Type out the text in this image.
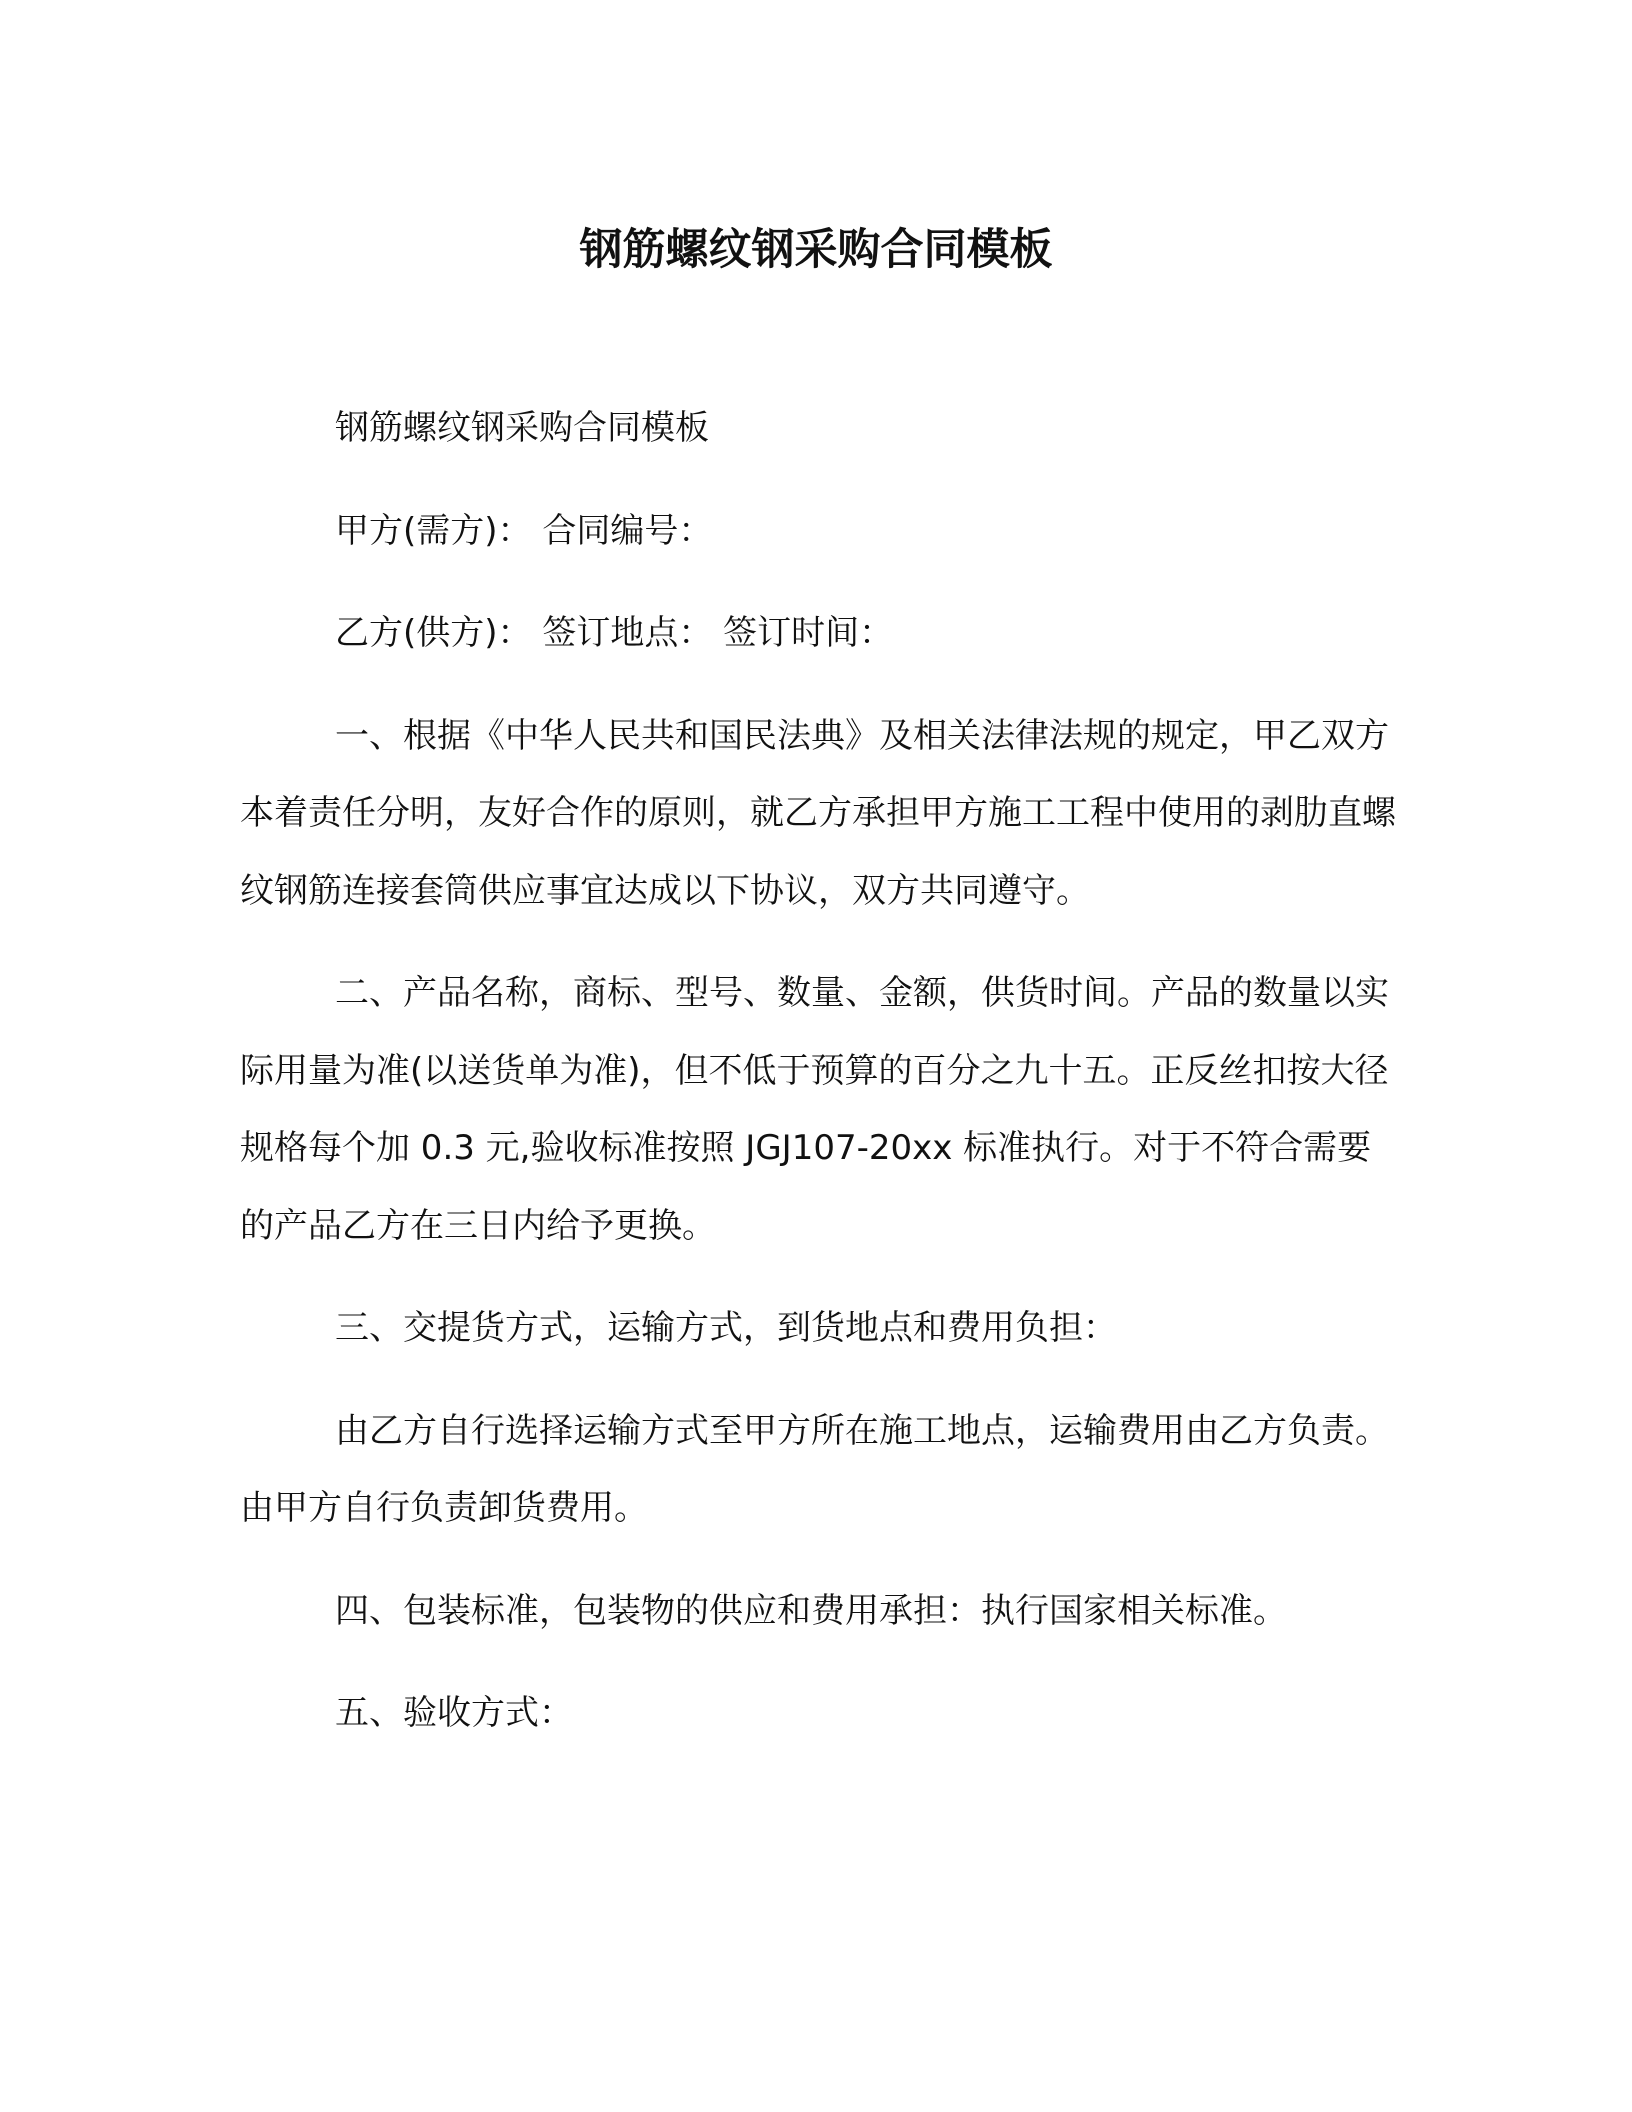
钢筋螺纹钢采购合同模板

钢筋螺纹钢采购合同模板

甲方(需方)： 合同编号：

乙方(供方)： 签订地点： 签订时间：

一、根据《中华人民共和国民法典》及相关法律法规的规定，甲乙双方本着责任分明，友好合作的原则，就乙方承担甲方施工工程中使用的剥肋直螺纹钢筋连接套筒供应事宜达成以下协议，双方共同遵守。

二、产品名称，商标、型号、数量、金额，供货时间。产品的数量以实际用量为准(以送货单为准)，但不低于预算的百分之九十五。正反丝扣按大径规格每个加 0.3 元,验收标准按照 JGJ107-20xx 标准执行。对于不符合需要的产品乙方在三日内给予更换。

三、交提货方式，运输方式，到货地点和费用负担：

由乙方自行选择运输方式至甲方所在施工地点，运输费用由乙方负责。由甲方自行负责卸货费用。

四、包装标准，包装物的供应和费用承担：执行国家相关标准。

五、验收方式：
